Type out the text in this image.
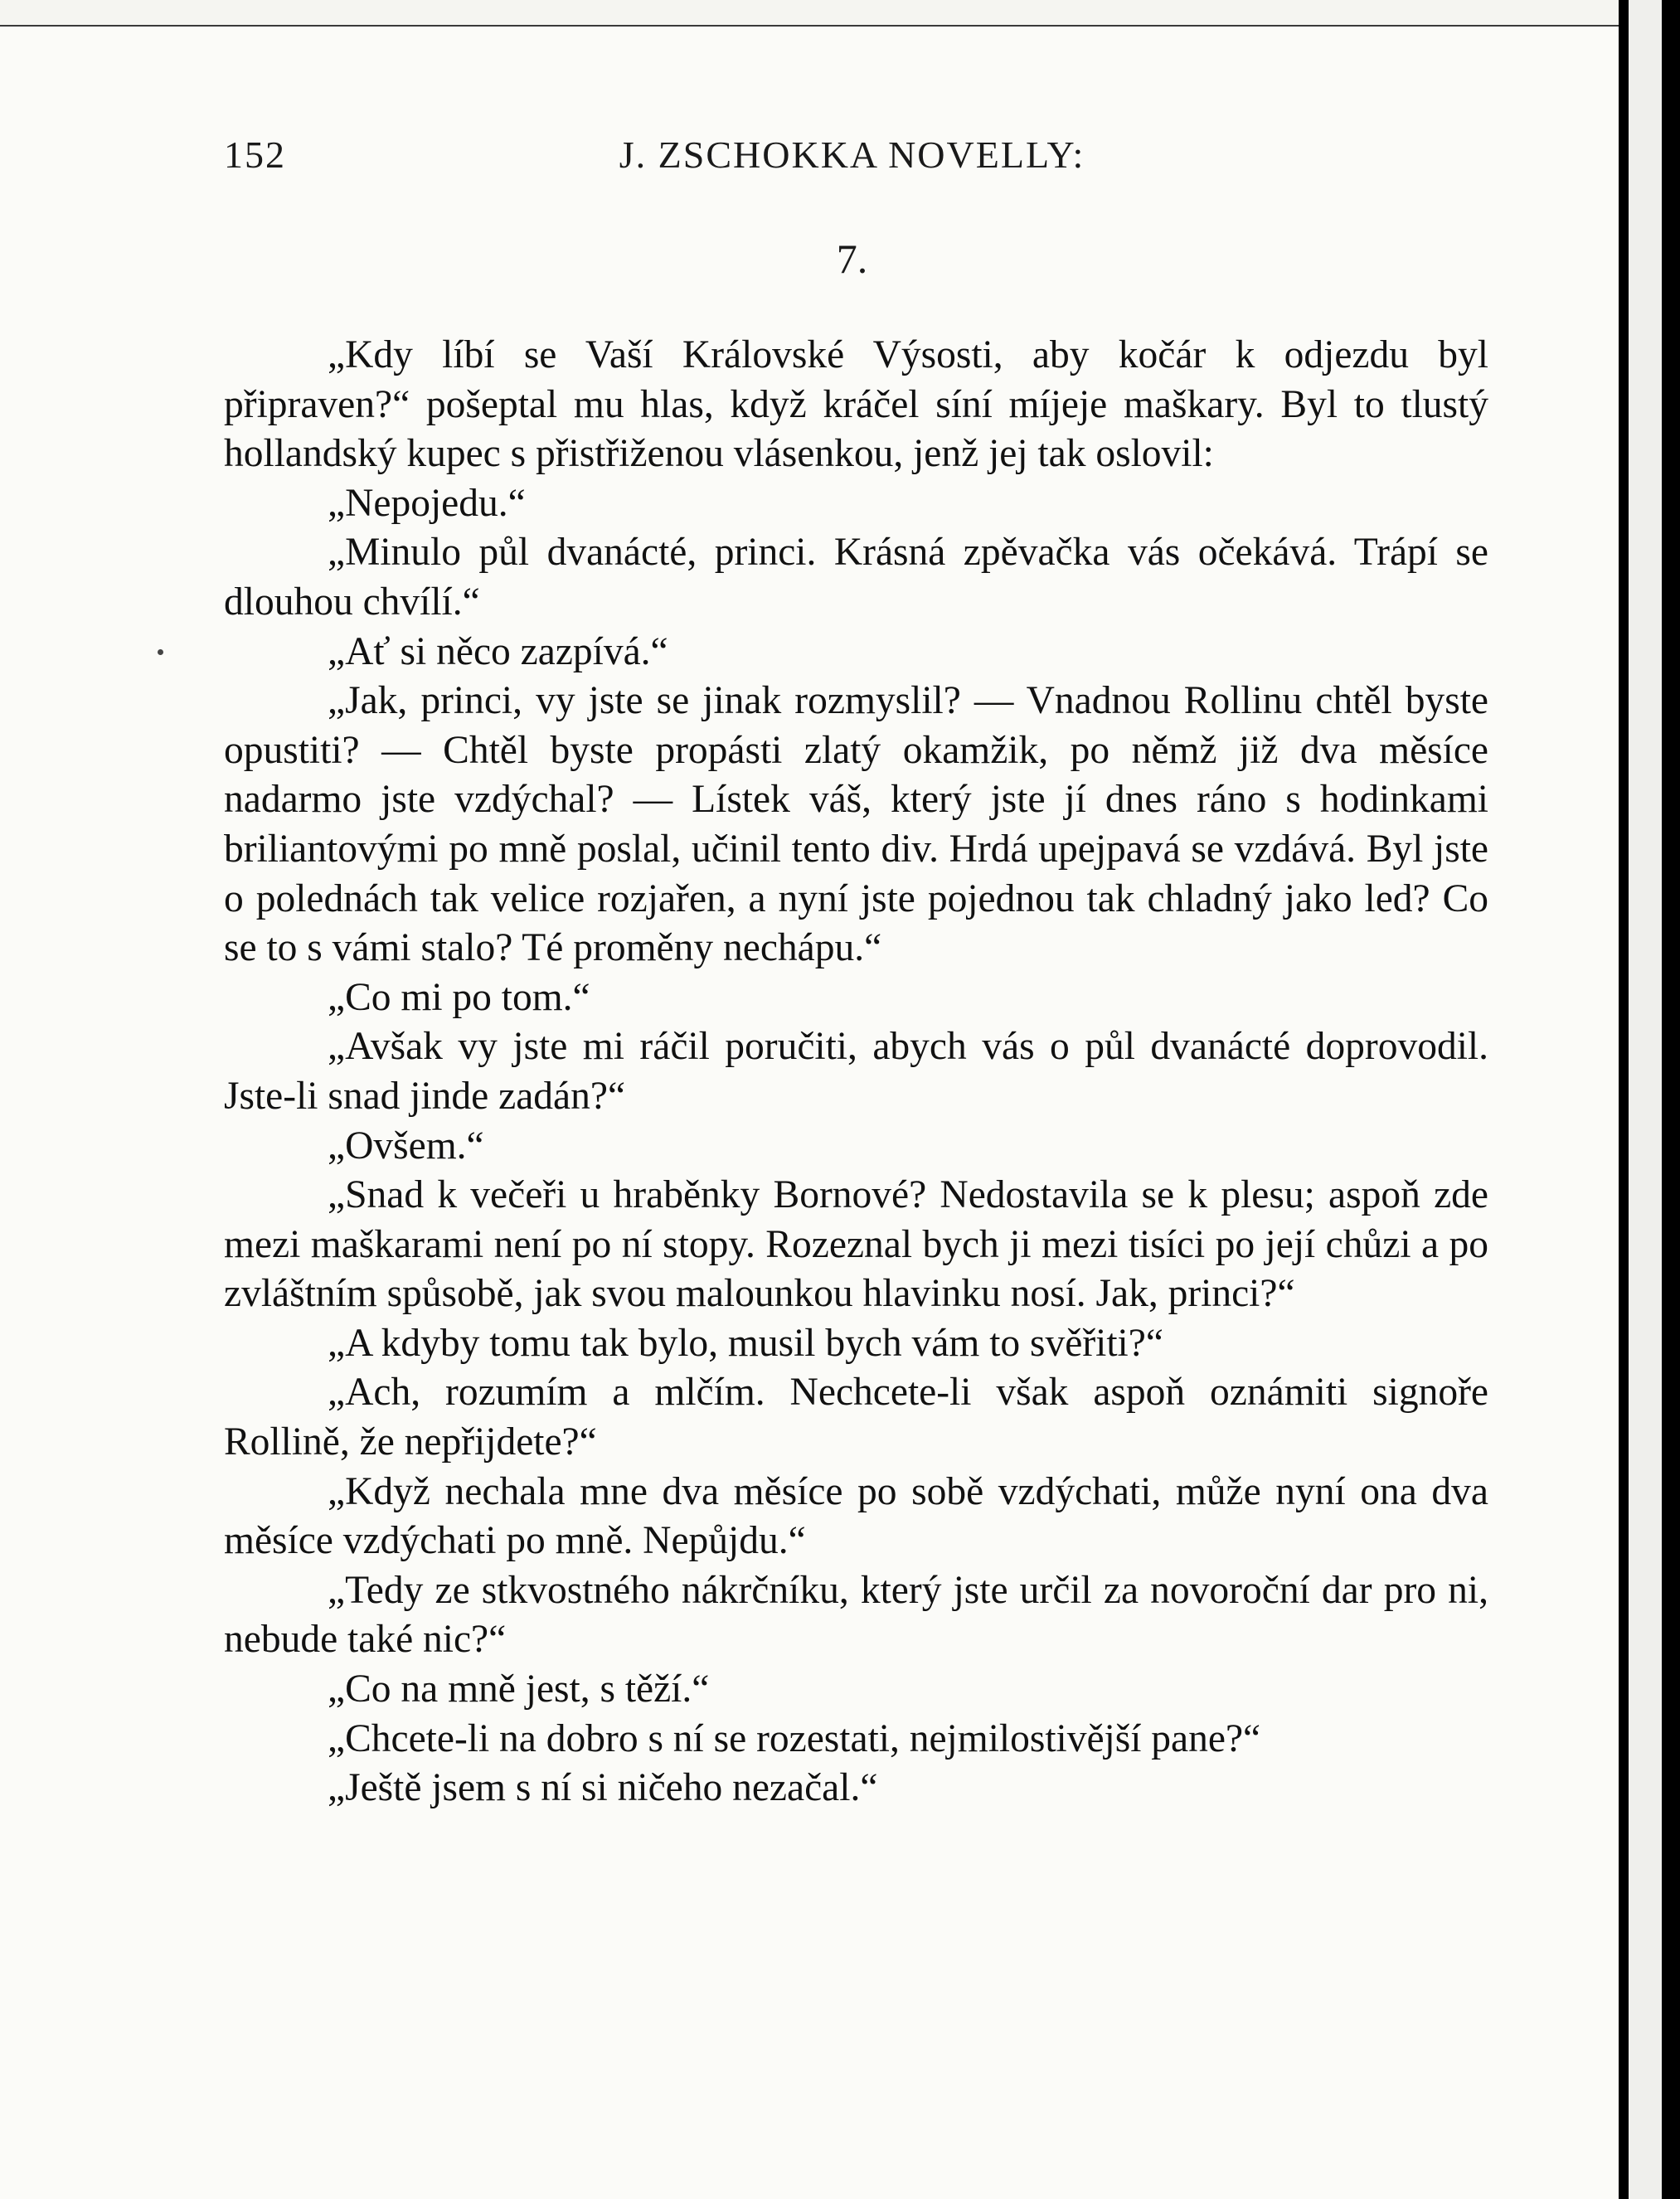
152	J. ZSCHOKKA NOVELLY:
7.

„Kdy líbí se Vaší Královské Výsosti, aby kočár k odjezdu byl připraven?“ pošeptal mu hlas, když kráčel síní míjeje maškary. Byl to tlustý hollandský kupec s přistřiženou vlásenkou, jenž jej tak oslovil:

„Nepojedu.“

„Minulo půl dvanácté, princi. Krásná zpěvačka vás očekává. Trápí se dlouhou chvílí.“

„Ať si něco zazpívá.“

„Jak, princi, vy jste se jinak rozmyslil? — Vnadnou Rollinu chtěl byste opustiti? — Chtěl byste propásti zlatý okamžik, po němž již dva měsíce nadarmo jste vzdýchal? — Lístek váš, který jste jí dnes ráno s hodinkami briliantovými po mně poslal, učinil tento div. Hrdá upejpavá se vzdává. Byl jste o polednách tak velice rozjařen, a nyní jste pojednou tak chladný jako led? Co se to s vámi stalo? Té proměny nechápu.“

„Co mi po tom.“

„Avšak vy jste mi ráčil poručiti, abych vás o půl dvanácté doprovodil. Jste-li snad jinde zadán?“

„Ovšem.“

„Snad k večeři u hraběnky Bornové? Nedostavila se k plesu; aspoň zde mezi maškarami není po ní stopy. Rozeznal bych ji mezi tisíci po její chůzi a po zvláštním spůsobě, jak svou malounkou hlavinku nosí. Jak, princi?“

„A kdyby tomu tak bylo, musil bych vám to svěřiti?“

„Ach, rozumím a mlčím. Nechcete-li však aspoň oznámiti signoře Rollině, že nepřijdete?“

„Když nechala mne dva měsíce po sobě vzdýchati, může nyní ona dva měsíce vzdýchati po mně. Nepůjdu.“

„Tedy ze stkvostného nákrčníku, který jste určil za novoroční dar pro ni, nebude také nic?“

„Co na mně jest, s těží.“

„Chcete-li na dobro s ní se rozestati, nejmilostivější pane?“

„Ještě jsem s ní si ničeho nezačal.“
